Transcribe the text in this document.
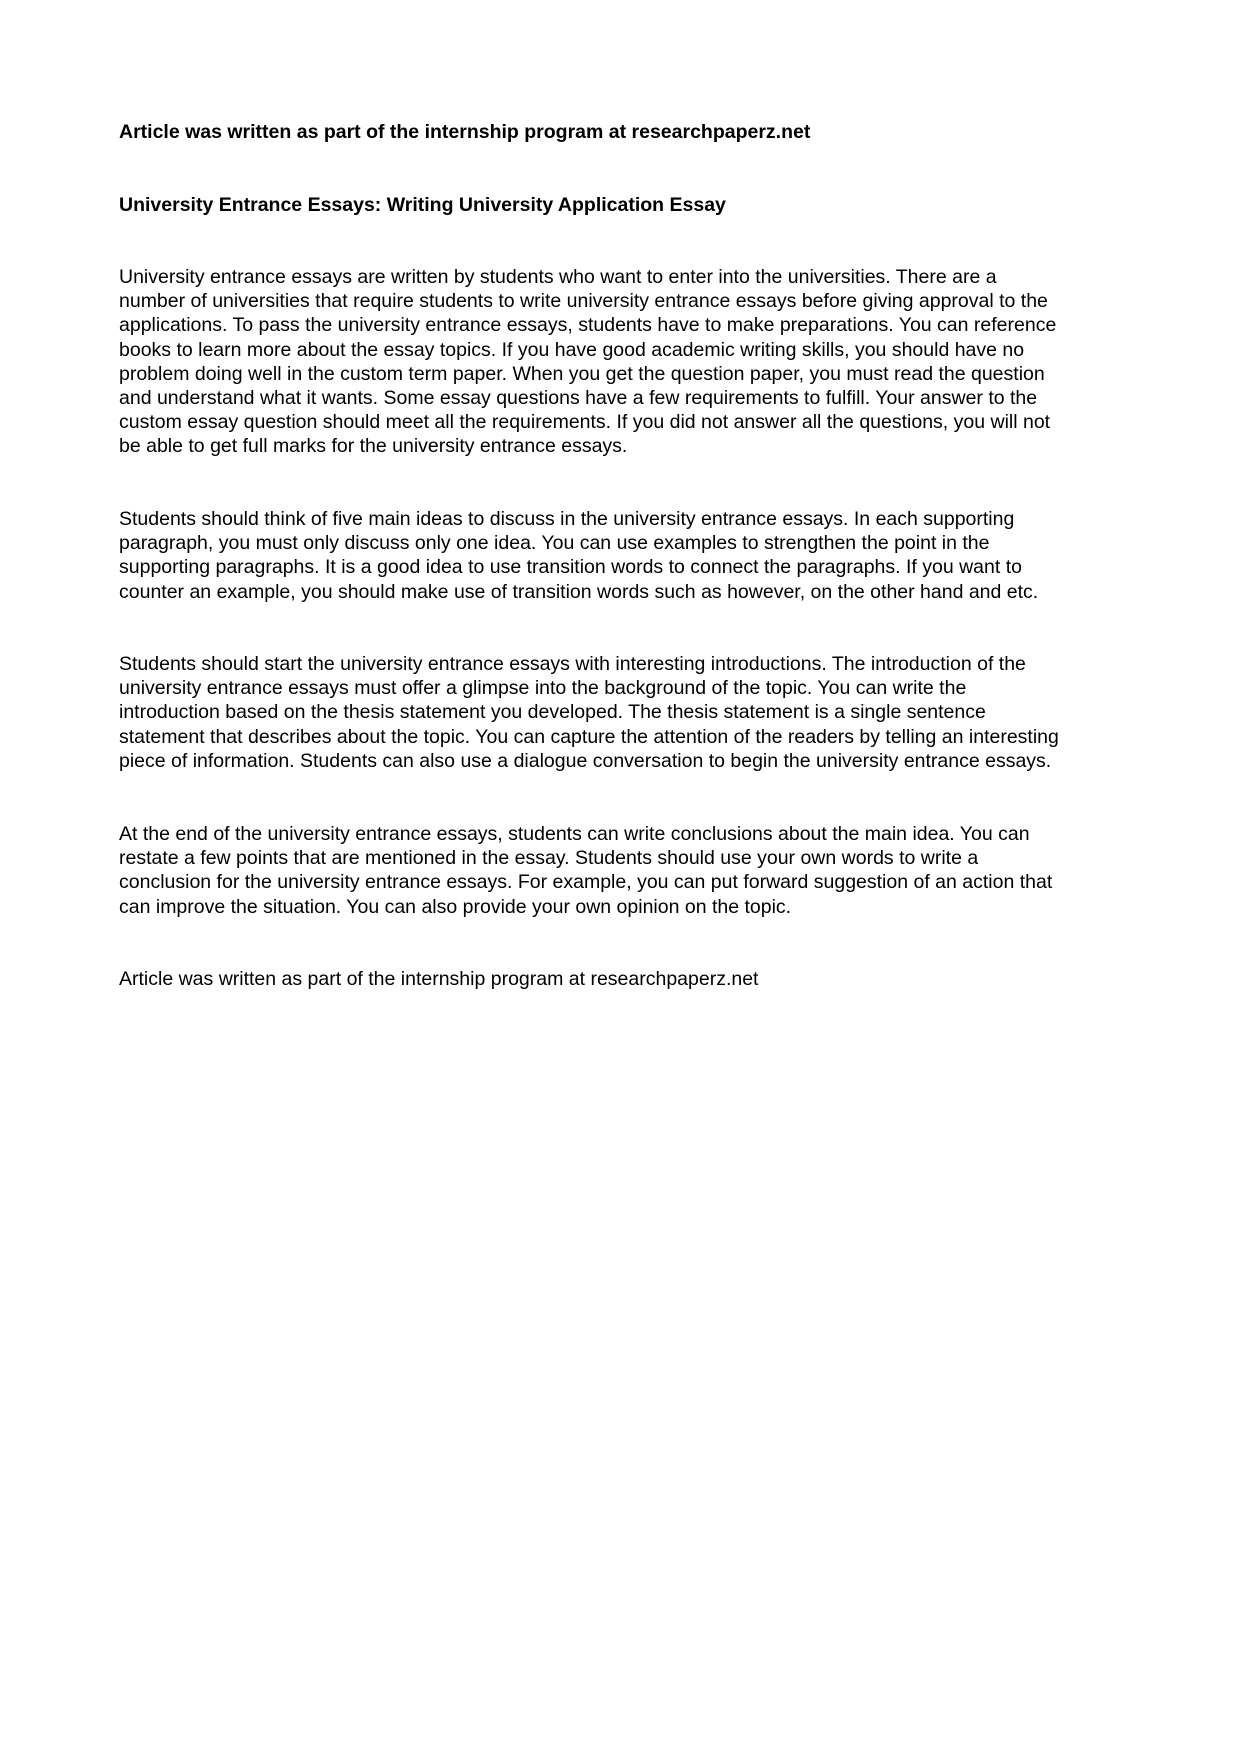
Article was written as part of the internship program at researchpaperz.net

University Entrance Essays: Writing University Application Essay

University entrance essays are written by students who want to enter into the universities. There are a
number of universities that require students to write university entrance essays before giving approval to the
applications. To pass the university entrance essays, students have to make preparations. You can reference
books to learn more about the essay topics. If you have good academic writing skills, you should have no
problem doing well in the custom term paper. When you get the question paper, you must read the question
and understand what it wants. Some essay questions have a few requirements to fulfill. Your answer to the
custom essay question should meet all the requirements. If you did not answer all the questions, you will not
be able to get full marks for the university entrance essays.
Students should think of five main ideas to discuss in the university entrance essays. In each supporting
paragraph, you must only discuss only one idea. You can use examples to strengthen the point in the
supporting paragraphs. It is a good idea to use transition words to connect the paragraphs. If you want to
counter an example, you should make use of transition words such as however, on the other hand and etc.
Students should start the university entrance essays with interesting introductions. The introduction of the
university entrance essays must offer a glimpse into the background of the topic. You can write the
introduction based on the thesis statement you developed. The thesis statement is a single sentence
statement that describes about the topic. You can capture the attention of the readers by telling an interesting
piece of information. Students can also use a dialogue conversation to begin the university entrance essays.
At the end of the university entrance essays, students can write conclusions about the main idea. You can
restate a few points that are mentioned in the essay. Students should use your own words to write a
conclusion for the university entrance essays. For example, you can put forward suggestion of an action that
can improve the situation. You can also provide your own opinion on the topic.

Article was written as part of the internship program at researchpaperz.net
